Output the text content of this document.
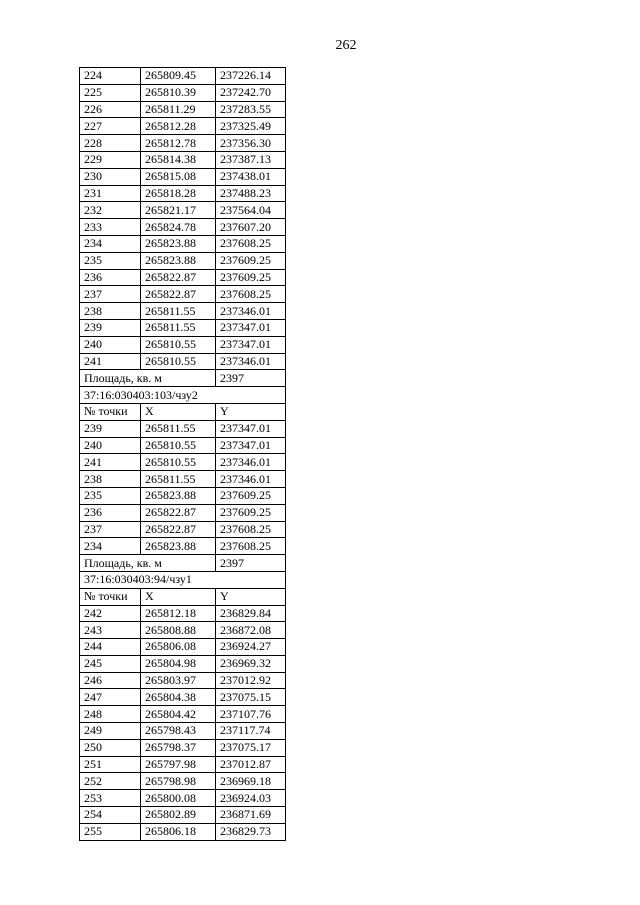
262
224	265809.45	237226.14
225	265810.39	237242.70
226	265811.29	237283.55
227	265812.28	237325.49
228	265812.78	237356.30
229	265814.38	237387.13
230	265815.08	237438.01
231	265818.28	237488.23
232	265821.17	237564.04
233	265824.78	237607.20
234	265823.88	237608.25
235	265823.88	237609.25
236	265822.87	237609.25
237	265822.87	237608.25
238	265811.55	237346.01
239	265811.55	237347.01
240	265810.55	237347.01
241	265810.55	237346.01
Площадь, кв. м		2397
37:16:030403:103/чзу2		
№ точки	X	Y
239	265811.55	237347.01
240	265810.55	237347.01
241	265810.55	237346.01
238	265811.55	237346.01
235	265823.88	237609.25
236	265822.87	237609.25
237	265822.87	237608.25
234	265823.88	237608.25
Площадь, кв. м		2397
37:16:030403:94/чзу1		
№ точки	X	Y
242	265812.18	236829.84
243	265808.88	236872.08
244	265806.08	236924.27
245	265804.98	236969.32
246	265803.97	237012.92
247	265804.38	237075.15
248	265804.42	237107.76
249	265798.43	237117.74
250	265798.37	237075.17
251	265797.98	237012.87
252	265798.98	236969.18
253	265800.08	236924.03
254	265802.89	236871.69
255	265806.18	236829.73
